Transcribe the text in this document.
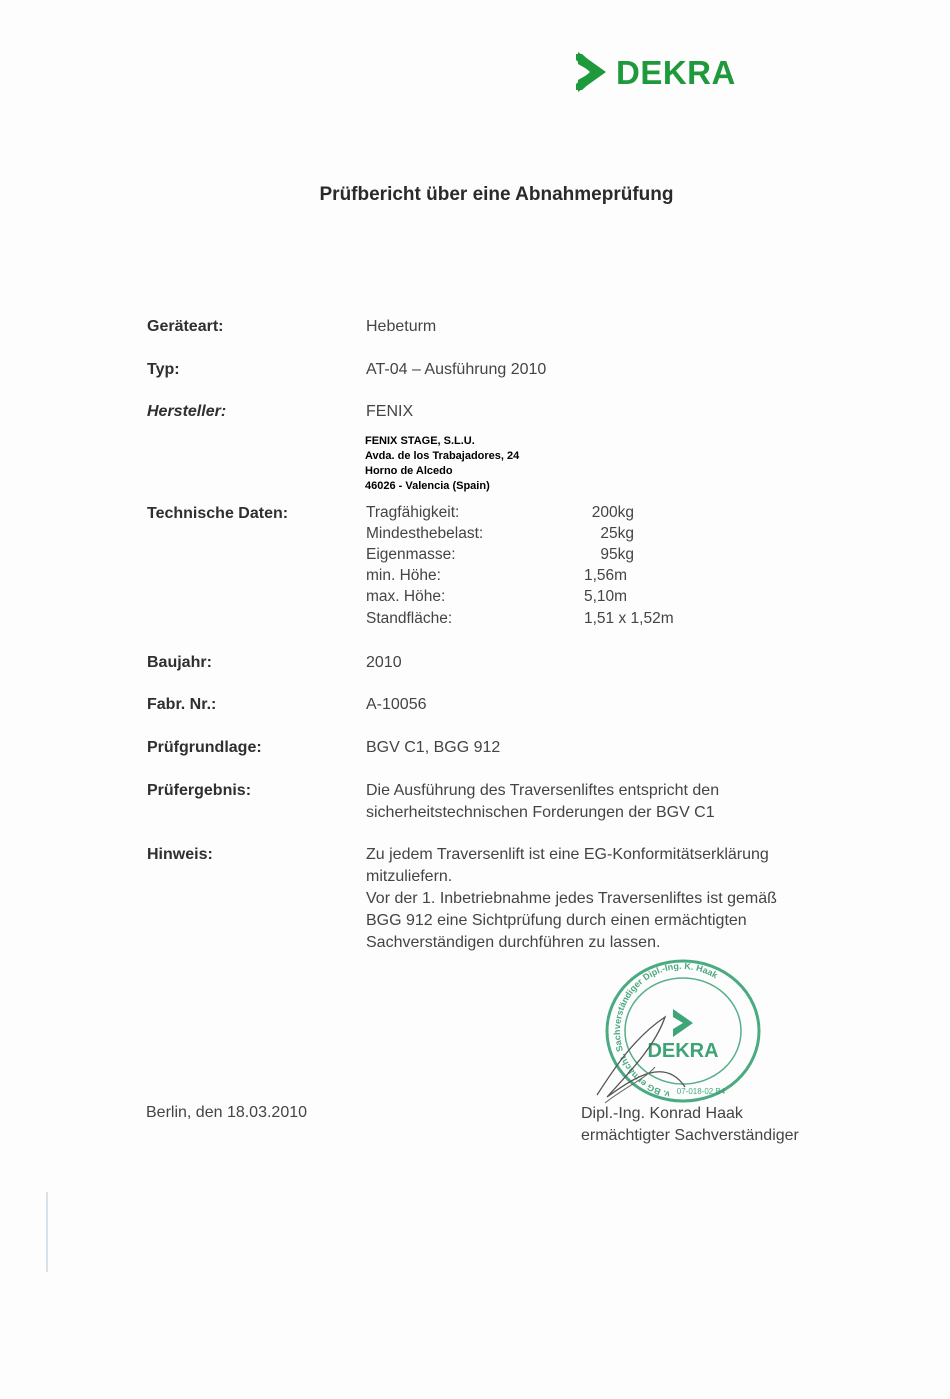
DEKRA
Prüfbericht über eine Abnahmeprüfung
Geräteart:	Hebeturm
Typ:	AT-04 – Ausführung 2010
Hersteller:	FENIX
FENIX STAGE, S.L.U.
Avda. de los Trabajadores, 24
Horno de Alcedo
46026 - Valencia (Spain)
Technische Daten:	Tragfähigkeit:	200kg
Mindesthebelast:	25kg
Eigenmasse:	95kg
min. Höhe:	1,56m
max. Höhe:	5,10m
Standfläche:	1,51 x 1,52m
Baujahr:	2010
Fabr. Nr.:	A-10056
Prüfgrundlage:	BGV C1, BGG 912
Prüfergebnis:	Die Ausführung des Traversenliftes entspricht den
sicherheitstechnischen Forderungen der BGV C1
Hinweis:	Zu jedem Traversenlift ist eine EG-Konformitätserklärung
mitzuliefern.
Vor der 1. Inbetriebnahme jedes Traversenliftes ist gemäß
BGG 912 eine Sichtprüfung durch einen ermächtigten
Sachverständigen durchführen zu lassen.
v. BG ermächt. Sachverständiger Dipl.-Ing. K. Haak
DEKRA
07-018-02 B4
Berlin, den 18.03.2010	Dipl.-Ing. Konrad Haak
ermächtigter Sachverständiger
